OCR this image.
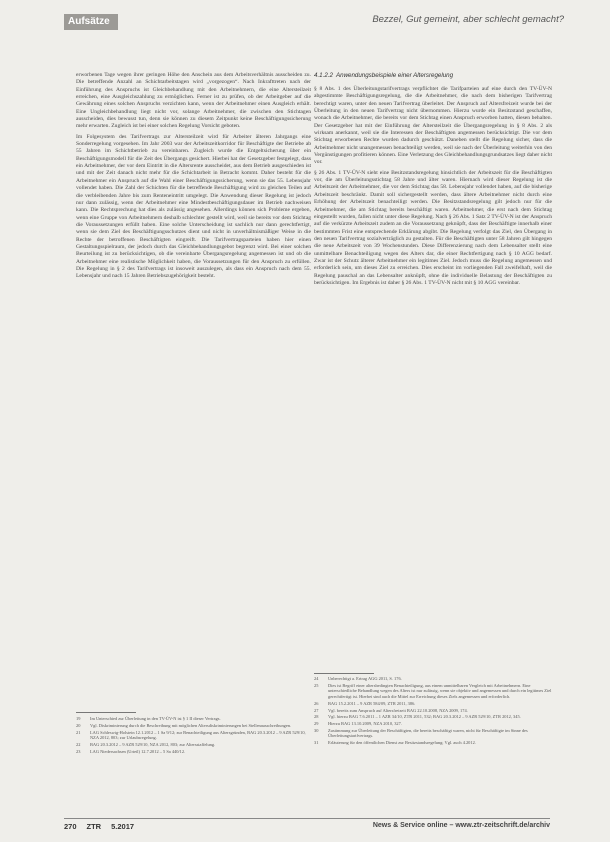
Aufsätze	Bezzel, Gut gemeint, aber schlecht gemacht?

erworbenen Tage wegen ihrer geringen Höhe den Anschein aus dem Arbeitsverhältnis ausscheiden zu. Die betreffende Anzahl an Schichtarbeitstagen wird „vorgezogen“. Nach Inkrafttreten nach der Einführung des Anspruchs ist Gleichbehandlung mit den Arbeitnehmern, die eine Altersteilzeit erreichen, eine Ausgleichszahlung zu ermöglichen. Ferner ist zu prüfen, ob der Arbeitgeber auf die Gewährung eines solchen Anspruchs verzichten kann, wenn der Arbeitnehmer einen Ausgleich erhält. Eine Ungleichbehandlung liegt nicht vor, solange Arbeitnehmer, die zwischen den Stichtagen ausscheiden, dies bewusst tun, denn sie können zu diesem Zeitpunkt keine Beschäftigungssicherung mehr erwarten. Zugleich ist bei einer solchen Regelung Vorsicht geboten.

Im Folgesystem des Tarifvertrags zur Altersteilzeit wird für Arbeiter älteren Jahrgangs eine Sonderregelung vorgesehen. Im Jahr 2003 war der Arbeitszeitkorridor für Beschäftigte der Betriebe ab 55 Jahren im Schichtbetrieb zu vereinbaren. Zugleich wurde die Entgeltsicherung über ein Beschäftigungsmodell für die Zeit des Übergangs gesichert. Hierbei hat der Gesetzgeber festgelegt, dass ein Arbeitnehmer, der vor dem Eintritt in die Altersrente ausscheidet, aus dem Betrieb ausgeschieden ist und mit der Zeit danach nicht mehr für die Schichtarbeit in Betracht kommt. Daher besteht für die Arbeitnehmer ein Anspruch auf die Wahl einer Beschäftigungssicherung, wenn sie das 55. Lebensjahr vollendet haben. Die Zahl der Schichten für die betreffende Beschäftigung wird zu gleichen Teilen auf die verbleibenden Jahre bis zum Renteneintritt umgelegt. Die Anwendung dieser Regelung ist jedoch nur dann zulässig, wenn der Arbeitnehmer eine Mindestbeschäftigungsdauer im Betrieb nachweisen kann. Die Rechtsprechung hat dies als zulässig angesehen. Allerdings können sich Probleme ergeben, wenn eine Gruppe von Arbeitnehmern deshalb schlechter gestellt wird, weil sie bereits vor dem Stichtag die Voraussetzungen erfüllt haben. Eine solche Unterscheidung ist sachlich nur dann gerechtfertigt, wenn sie dem Ziel des Beschäftigungsschutzes dient und nicht in unverhältnismäßiger Weise in die Rechte der betroffenen Beschäftigten eingreift. Die Tarifvertragsparteien haben hier einen Gestaltungsspielraum, der jedoch durch das Gleichbehandlungsgebot begrenzt wird. Bei einer solchen Beurteilung ist zu berücksichtigen, ob die vereinbarte Übergangsregelung angemessen ist und ob die Arbeitnehmer eine realistische Möglichkeit haben, die Voraussetzungen für den Anspruch zu erfüllen. Die Regelung in § 2 des Tarifvertrags ist insoweit auszulegen, als dass ein Anspruch nach dem 55. Lebensjahr und nach 15 Jahren Betriebszugehörigkeit besteht.

4.1.2.2 Anwendungsbeispiele einer Altersregelung

§ 8 Abs. 1 des Überleitungstarifvertrags verpflichtet die Tarifparteien auf eine durch den TV-ÜV-N abgestimmte Beschäftigungsregelung, die die Arbeitnehmer, die nach dem bisherigen Tarifvertrag berechtigt waren, unter den neuen Tarifvertrag überleitet. Der Anspruch auf Altersfreizeit wurde bei der Überleitung in den neuen Tarifvertrag nicht übernommen. Hierzu wurde ein Besitzstand geschaffen, wonach die Arbeitnehmer, die bereits vor dem Stichtag einen Anspruch erworben hatten, diesen behalten. Der Gesetzgeber hat mit der Einführung der Altersteilzeit die Übergangsregelung in § 8 Abs. 2 als wirksam anerkannt, weil sie die Interessen der Beschäftigten angemessen berücksichtigt. Die vor dem Stichtag erworbenen Rechte wurden dadurch geschützt. Daneben stellt die Regelung sicher, dass die Arbeitnehmer nicht unangemessen benachteiligt werden, weil sie nach der Überleitung weiterhin von den Vergünstigungen profitieren können. Eine Verletzung des Gleichbehandlungsgrundsatzes liegt daher nicht vor.

§ 26 Abs. 1 TV-ÜV-N sieht eine Besitzstandsregelung hinsichtlich der Arbeitszeit für die Beschäftigten vor, die am Überleitungsstichtag 58 Jahre und älter waren. Hiernach wird dieser Regelung ist die Arbeitszeit der Arbeitnehmer, die vor dem Stichtag das 58. Lebensjahr vollendet haben, auf die bisherige Arbeitszeit beschränkt. Damit soll sichergestellt werden, dass ältere Arbeitnehmer nicht durch eine Erhöhung der Arbeitszeit benachteiligt werden. Die Besitzstandsregelung gilt jedoch nur für die Arbeitnehmer, die am Stichtag bereits beschäftigt waren. Arbeitnehmer, die erst nach dem Stichtag eingestellt wurden, fallen nicht unter diese Regelung. Nach § 26 Abs. 1 Satz 2 TV-ÜV-N ist der Anspruch auf die verkürzte Arbeitszeit zudem an die Voraussetzung geknüpft, dass der Beschäftigte innerhalb einer bestimmten Frist eine entsprechende Erklärung abgibt. Die Regelung verfolgt das Ziel, den Übergang in den neuen Tarifvertrag sozialverträglich zu gestalten. Für die Beschäftigten unter 58 Jahren gilt hingegen die neue Arbeitszeit von 39 Wochenstunden. Diese Differenzierung nach dem Lebensalter stellt eine unmittelbare Benachteiligung wegen des Alters dar, die einer Rechtfertigung nach § 10 AGG bedarf. Zwar ist der Schutz älterer Arbeitnehmer ein legitimes Ziel. Jedoch muss die Regelung angemessen und erforderlich sein, um dieses Ziel zu erreichen. Dies erscheint im vorliegenden Fall zweifelhaft, weil die Regelung pauschal an das Lebensalter anknüpft, ohne die individuelle Belastung der Beschäftigten zu berücksichtigen. Im Ergebnis ist daher § 26 Abs. 1 TV-ÜV-N nicht mit § 10 AGG vereinbar.

19	Im Unterschied zur Überleitung in den TV-ÜV-N ist § 1 II dieser Vertrags.
20	Vgl. Diskriminierung durch die Beschreibung mit möglichen Altersdiskriminierungen bei Stellenausschreibungen.
21	LAG Schleswig-Holstein 12.1.2012 – 1 Sa 9/12; zur Benachteiligung aus Altersgründen, BAG 20.3.2012 – 9 AZR 529/10, NZA 2012, 803; zur Urlaubsregelung.
22	BAG 20.3.2012 – 9 AZR 529/10, NZA 2012, 803; zur Altersstaffelung.
23	LAG Niedersachsen (Urteil) 12.7.2012 – 5 Sa 440/12.
24	Unberechtigt a. Ertrag AGG 2011, S. 176.
25	Dies ist Begriff einer altersbedingten Benachteiligung, aus einem unmittelbaren Vergleich mit Arbeitnehmern. Eine unterschiedliche Behandlung wegen des Alters ist nur zulässig, wenn sie objektiv und angemessen und durch ein legitimes Ziel gerechtfertigt ist. Hierbei sind auch die Mittel zur Erreichung dieses Ziels angemessen und erforderlich.
26	BAG 15.2.2011 – 9 AZR 584/09, ZTR 2011, 386.
27	Vgl. bereits zum Anspruch auf Altersfreizeit BAG 22.10.2008, NZA 2009, 174.
28	Vgl. hierzu BAG 7.6.2011 – 1 AZR 34/10, ZTR 2011, 532; BAG 20.3.2012 – 9 AZR 529/10, ZTR 2012, 345.
29	Hierzu BAG 13.10.2009, NZA 2010, 327.
30	Zustimmung zur Überleitung der Beschäftigten, die bereits beschäftigt waren, nicht für Beschäftigte im Sinne des Überleitungstarifvertrags.
31	Erläuterung für den öffentlichen Dienst zur Besitzstandsregelung; Vgl. auch 4.2012.
270 ZTR 5.2017	News & Service online – www.ztr-zeitschrift.de/archiv
